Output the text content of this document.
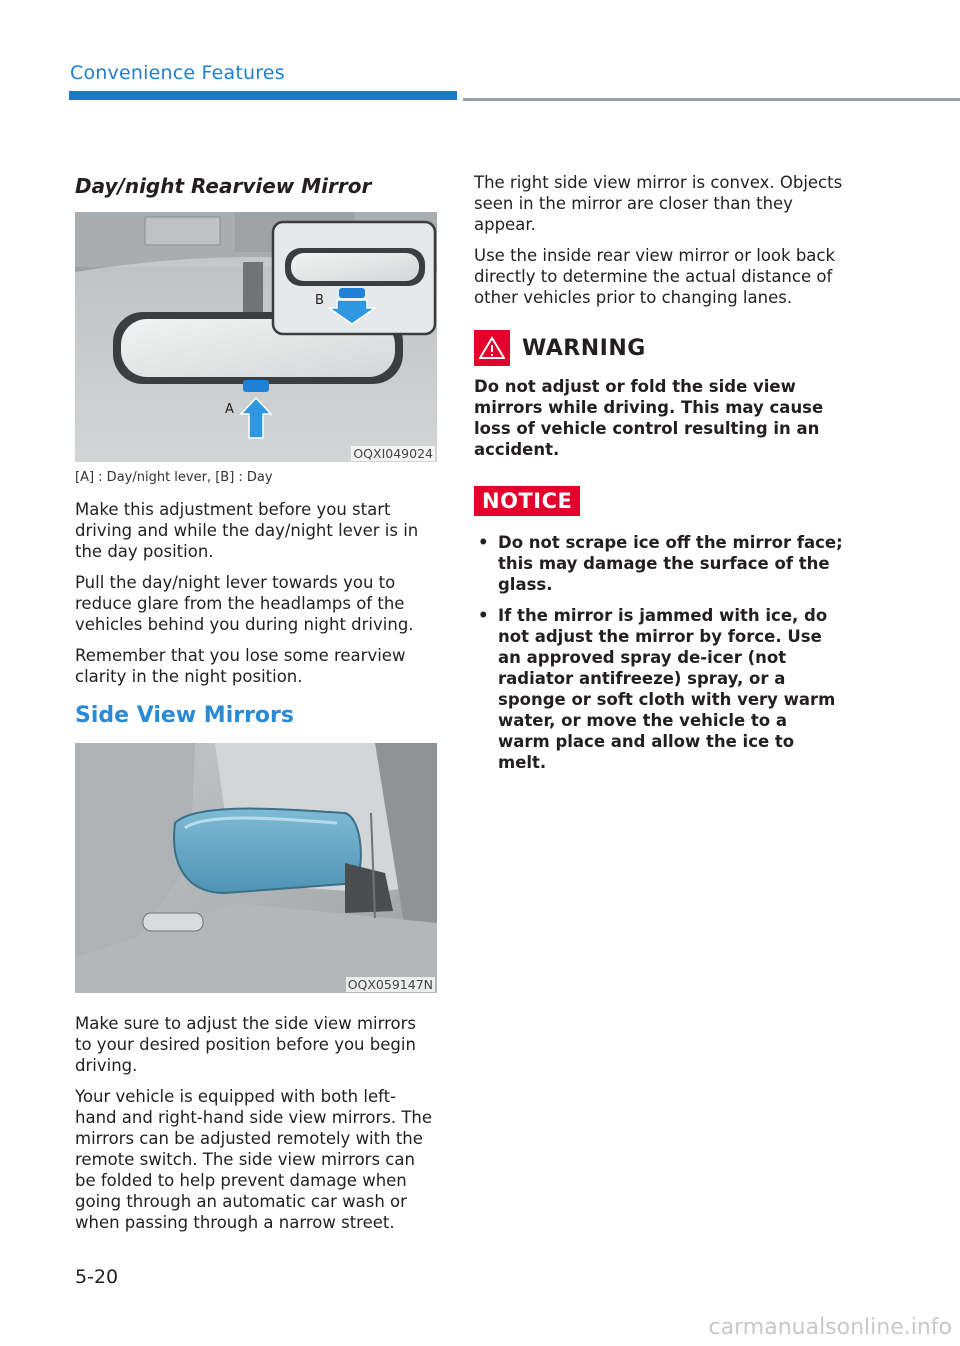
Convenience Features
Day/night Rearview Mirror
A
B
OQXI049024
[A] : Day/night lever, [B] : Day

Make this adjustment before you start driving and while the day/night lever is in the day position.

Pull the day/night lever towards you to reduce glare from the headlamps of the vehicles behind you during night driving.

Remember that you lose some rearview clarity in the night position.

Side View Mirrors
OQX059147N

Make sure to adjust the side view mirrors to your desired position before you begin driving.

Your vehicle is equipped with both left-hand and right-hand side view mirrors. The mirrors can be adjusted remotely with the remote switch. The side view mirrors can be folded to help prevent damage when going through an automatic car wash or when passing through a narrow street.

The right side view mirror is convex. Objects seen in the mirror are closer than they appear.

Use the inside rear view mirror or look back directly to determine the actual distance of other vehicles prior to changing lanes.

WARNING

Do not adjust or fold the side view mirrors while driving. This may cause loss of vehicle control resulting in an accident.

NOTICE
• Do not scrape ice off the mirror face; this may damage the surface of the glass.
• If the mirror is jammed with ice, do not adjust the mirror by force. Use an approved spray de-icer (not radiator antifreeze) spray, or a sponge or soft cloth with very warm water, or move the vehicle to a warm place and allow the ice to melt.
5-20
carmanualsonline.info
